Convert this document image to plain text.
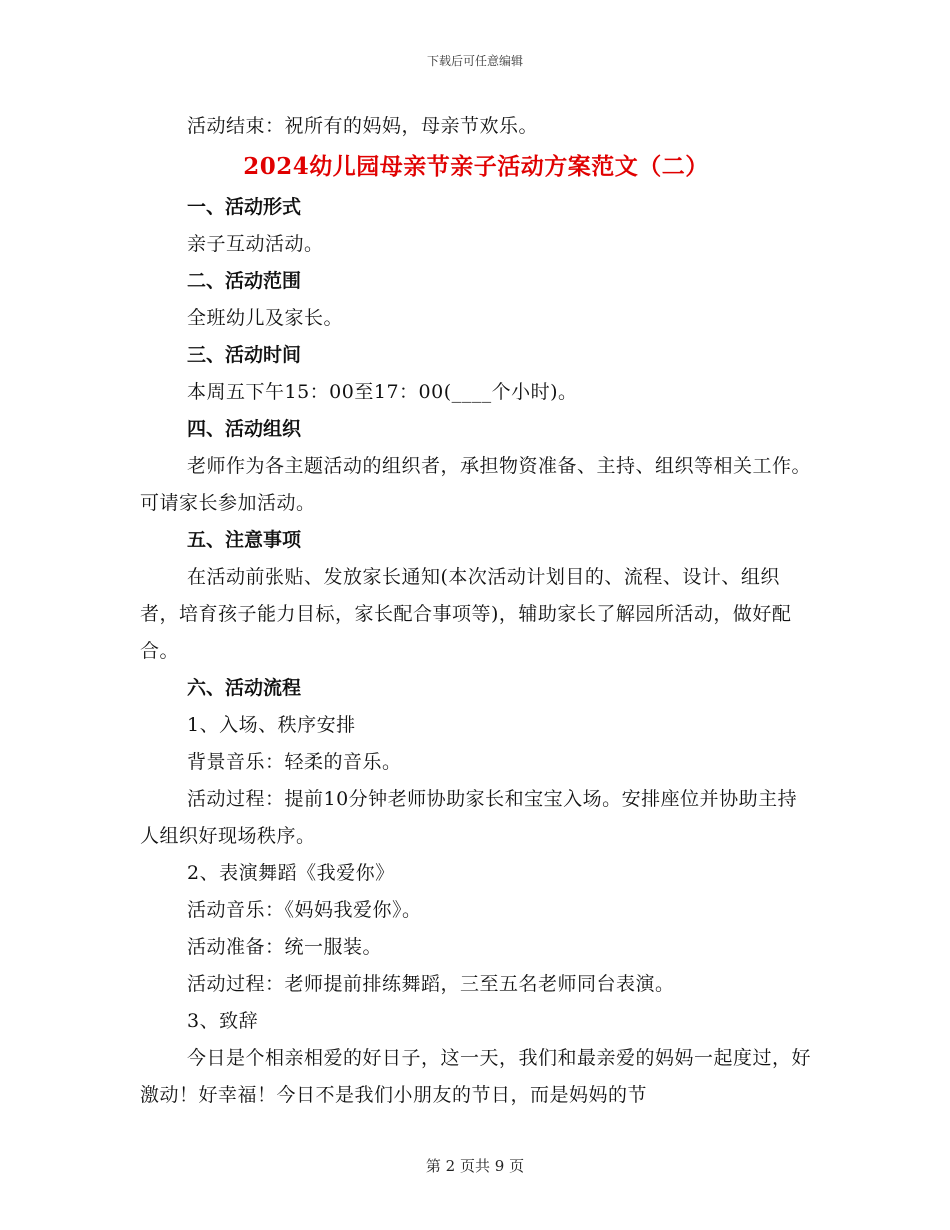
下载后可任意编辑

活动结束：祝所有的妈妈，母亲节欢乐。

2024幼儿园母亲节亲子活动方案范文（二）
一、活动形式

亲子互动活动。

二、活动范围

全班幼儿及家长。

三、活动时间

本周五下午15：00至17：00(____个小时)。

四、活动组织

老师作为各主题活动的组织者，承担物资准备、主持、组织等相关工作。可请家长参加活动。

五、注意事项

在活动前张贴、发放家长通知(本次活动计划目的、流程、设计、组织者，培育孩子能力目标，家长配合事项等)，辅助家长了解园所活动，做好配合。

六、活动流程

1、入场、秩序安排

背景音乐：轻柔的音乐。

活动过程：提前10分钟老师协助家长和宝宝入场。安排座位并协助主持人组织好现场秩序。

2、表演舞蹈《我爱你》

活动音乐：《妈妈我爱你》。

活动准备：统一服装。

活动过程：老师提前排练舞蹈，三至五名老师同台表演。

3、致辞

今日是个相亲相爱的好日子，这一天，我们和最亲爱的妈妈一起度过，好激动！好幸福！今日不是我们小朋友的节日，而是妈妈的节

第 2 页共 9 页
